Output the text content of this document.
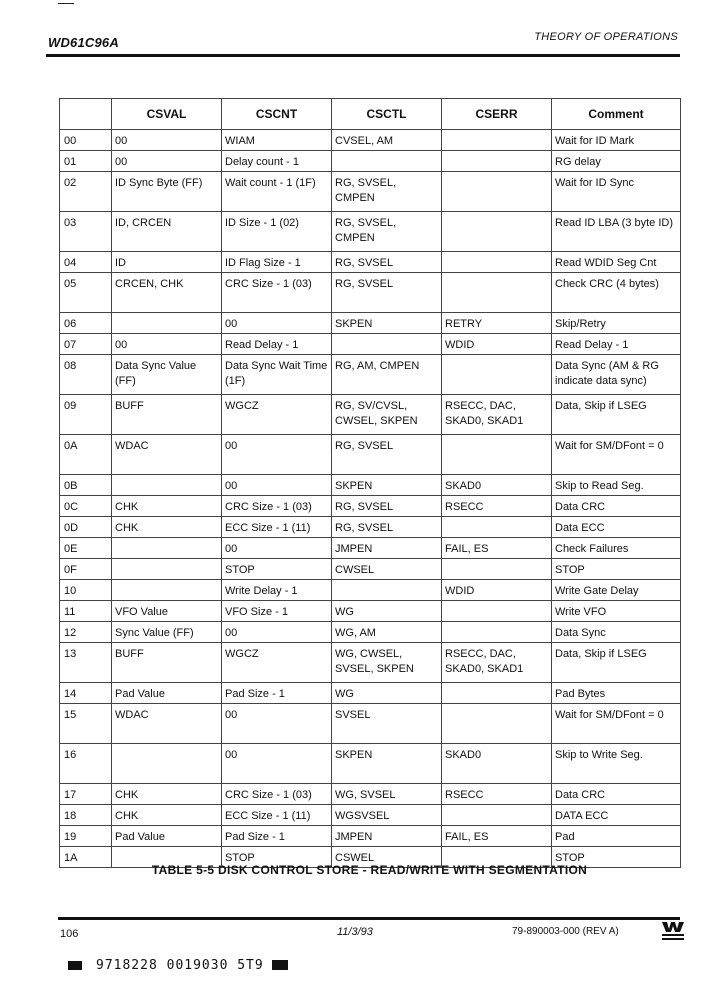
WD61C96A	THEORY OF OPERATIONS
	CSVAL	CSCNT	CSCTL	CSERR	Comment
00	00	WIAM	CVSEL, AM		Wait for ID Mark
01	00	Delay count - 1			RG delay
02	ID Sync Byte (FF)	Wait count - 1 (1F)	RG, SVSEL, CMPEN		Wait for ID Sync
03	ID, CRCEN	ID Size - 1 (02)	RG, SVSEL, CMPEN		Read ID LBA (3 byte ID)
04	ID	ID Flag Size - 1	RG, SVSEL		Read WDID Seg Cnt
05	CRCEN, CHK	CRC Size - 1 (03)	RG, SVSEL		Check CRC (4 bytes)
06		00	SKPEN	RETRY	Skip/Retry
07	00	Read Delay - 1		WDID	Read Delay - 1
08	Data Sync Value (FF)	Data Sync Wait Time (1F)	RG, AM, CMPEN		Data Sync (AM & RG indicate data sync)
09	BUFF	WGCZ	RG, SV/CVSL, CWSEL, SKPEN	RSECC, DAC, SKAD0, SKAD1	Data, Skip if LSEG
0A	WDAC	00	RG, SVSEL		Wait for SM/DFont = 0
0B		00	SKPEN	SKAD0	Skip to Read Seg.
0C	CHK	CRC Size - 1 (03)	RG, SVSEL	RSECC	Data CRC
0D	CHK	ECC Size - 1 (11)	RG, SVSEL		Data ECC
0E		00	JMPEN	FAIL, ES	Check Failures
0F		STOP	CWSEL		STOP
10		Write Delay - 1		WDID	Write Gate Delay
11	VFO Value	VFO Size - 1	WG		Write VFO
12	Sync Value (FF)	00	WG, AM		Data Sync
13	BUFF	WGCZ	WG, CWSEL, SVSEL, SKPEN	RSECC, DAC, SKAD0, SKAD1	Data, Skip if LSEG
14	Pad Value	Pad Size - 1	WG		Pad Bytes
15	WDAC	00	SVSEL		Wait for SM/DFont = 0
16		00	SKPEN	SKAD0	Skip to Write Seg.
17	CHK	CRC Size - 1 (03)	WG, SVSEL	RSECC	Data CRC
18	CHK	ECC Size - 1 (11)	WGSVSEL		DATA ECC
19	Pad Value	Pad Size - 1	JMPEN	FAIL, ES	Pad
1A		STOP	CSWEL		STOP
TABLE 5-5 DISK CONTROL STORE - READ/WRITE WITH SEGMENTATION
106	11/3/93	79-890003-000 (REV A)
9718228 0019030 5T9
